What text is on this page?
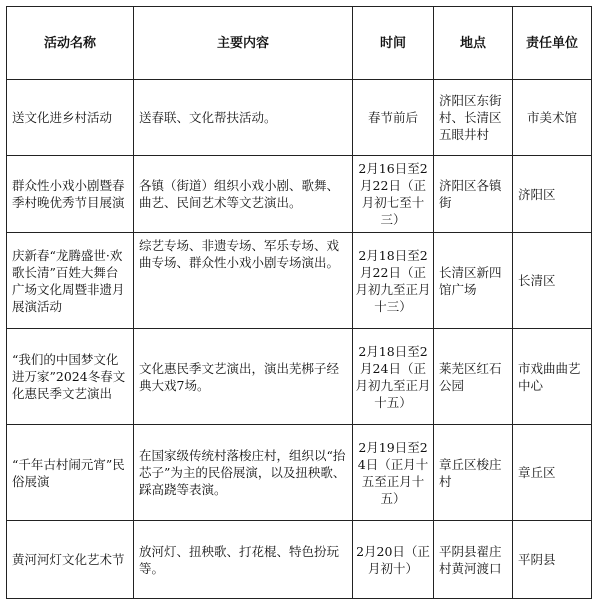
活动名称	主要内容	时间	地点	责任单位
送文化进乡村活动	送春联、文化帮扶活动。	春节前后	济阳区东街村、长清区五眼井村	市美术馆
群众性小戏小剧暨春季村晚优秀节目展演	各镇（街道）组织小戏小剧、歌舞、曲艺、民间艺术等文艺演出。	2月16日至2月22日（正月初七至十三）	济阳区各镇街	济阳区
庆新春“龙腾盛世·欢歌长清”百姓大舞台广场文化周暨非遗月展演活动	综艺专场、非遗专场、军乐专场、戏曲专场、群众性小戏小剧专场演出。	2月18日至2月22日（正月初九至正月十三）	长清区新四馆广场	长清区
“我们的中国梦文化进万家”2024冬春文化惠民季文艺演出	文化惠民季文艺演出，演出芜梆子经典大戏7场。	2月18日至2月24日（正月初九至正月十五）	莱芜区红石公园	市戏曲曲艺中心
“千年古村闹元宵”民俗展演	在国家级传统村落梭庄村，组织以“抬芯子”为主的民俗展演，以及扭秧歌、踩高跷等表演。	2月19日至24日（正月十五至正月十五）	章丘区梭庄村	章丘区
黄河河灯文化艺术节	放河灯、扭秧歌、打花棍、特色扮玩等。	2月20日（正月初十）	平阴县翟庄村黄河渡口	平阴县
